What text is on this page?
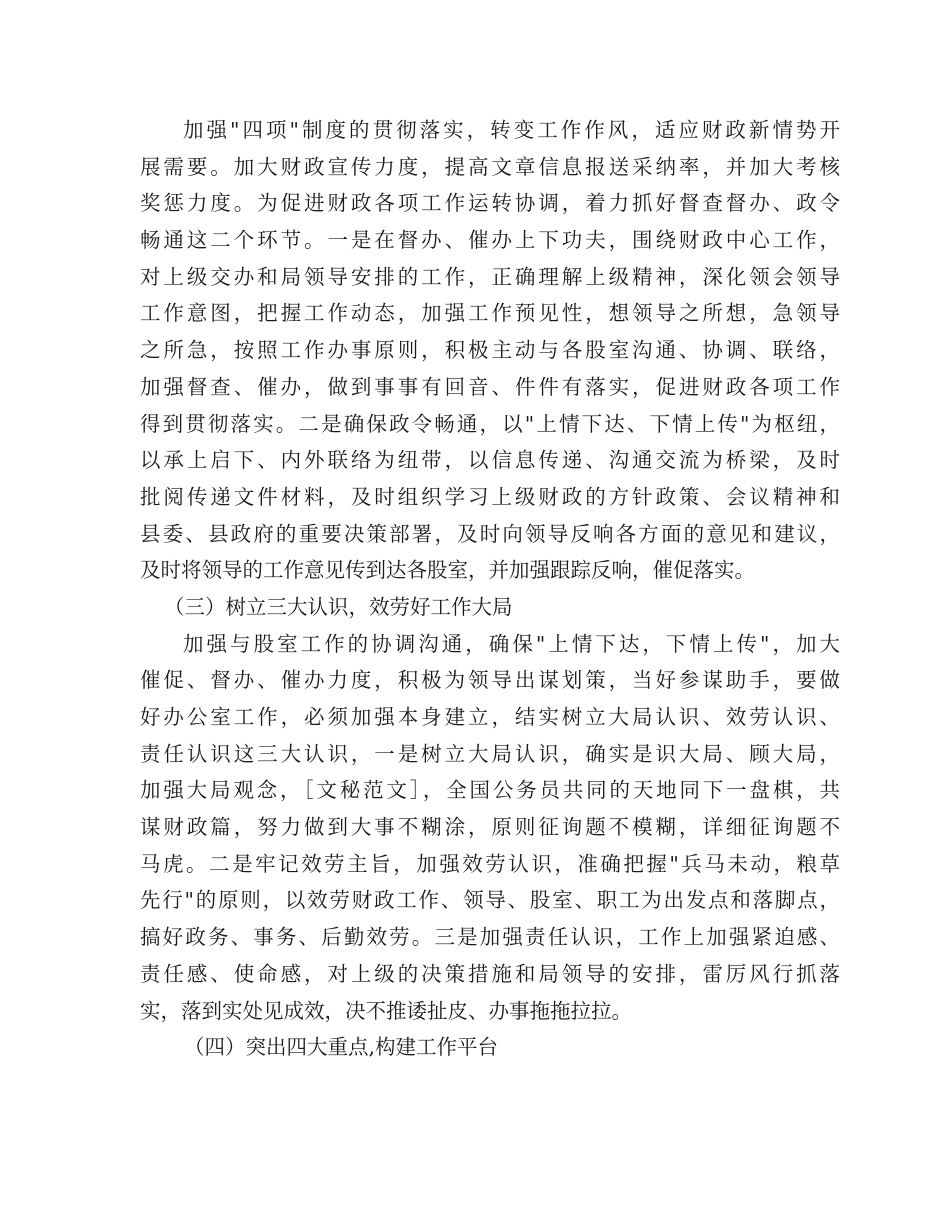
加强"四项"制度的贯彻落实，转变工作作风，适应财政新情势开
展需要。加大财政宣传力度，提高文章信息报送采纳率，并加大考核
奖惩力度。为促进财政各项工作运转协调，着力抓好督查督办、政令
畅通这二个环节。一是在督办、催办上下功夫，围绕财政中心工作，
对上级交办和局领导安排的工作，正确理解上级精神，深化领会领导
工作意图，把握工作动态，加强工作预见性，想领导之所想，急领导
之所急，按照工作办事原则，积极主动与各股室沟通、协调、联络，
加强督查、催办，做到事事有回音、件件有落实，促进财政各项工作
得到贯彻落实。二是确保政令畅通，以"上情下达、下情上传"为枢纽，
以承上启下、内外联络为纽带，以信息传递、沟通交流为桥梁，及时
批阅传递文件材料，及时组织学习上级财政的方针政策、会议精神和
县委、县政府的重要决策部署，及时向领导反响各方面的意见和建议，
及时将领导的工作意见传到达各股室，并加强跟踪反响，催促落实。
（三）树立三大认识，效劳好工作大局
加强与股室工作的协调沟通，确保"上情下达，下情上传"，加大
催促、督办、催办力度，积极为领导出谋划策，当好参谋助手，要做
好办公室工作，必须加强本身建立，结实树立大局认识、效劳认识、
责任认识这三大认识，一是树立大局认识，确实是识大局、顾大局，
加强大局观念，［文秘范文］，全国公务员共同的天地同下一盘棋，共
谋财政篇，努力做到大事不糊涂，原则征询题不模糊，详细征询题不
马虎。二是牢记效劳主旨，加强效劳认识，准确把握"兵马未动，粮草
先行"的原则，以效劳财政工作、领导、股室、职工为出发点和落脚点，
搞好政务、事务、后勤效劳。三是加强责任认识，工作上加强紧迫感、
责任感、使命感，对上级的决策措施和局领导的安排，雷厉风行抓落
实，落到实处见成效，决不推诿扯皮、办事拖拖拉拉。
（四）突出四大重点,构建工作平台
